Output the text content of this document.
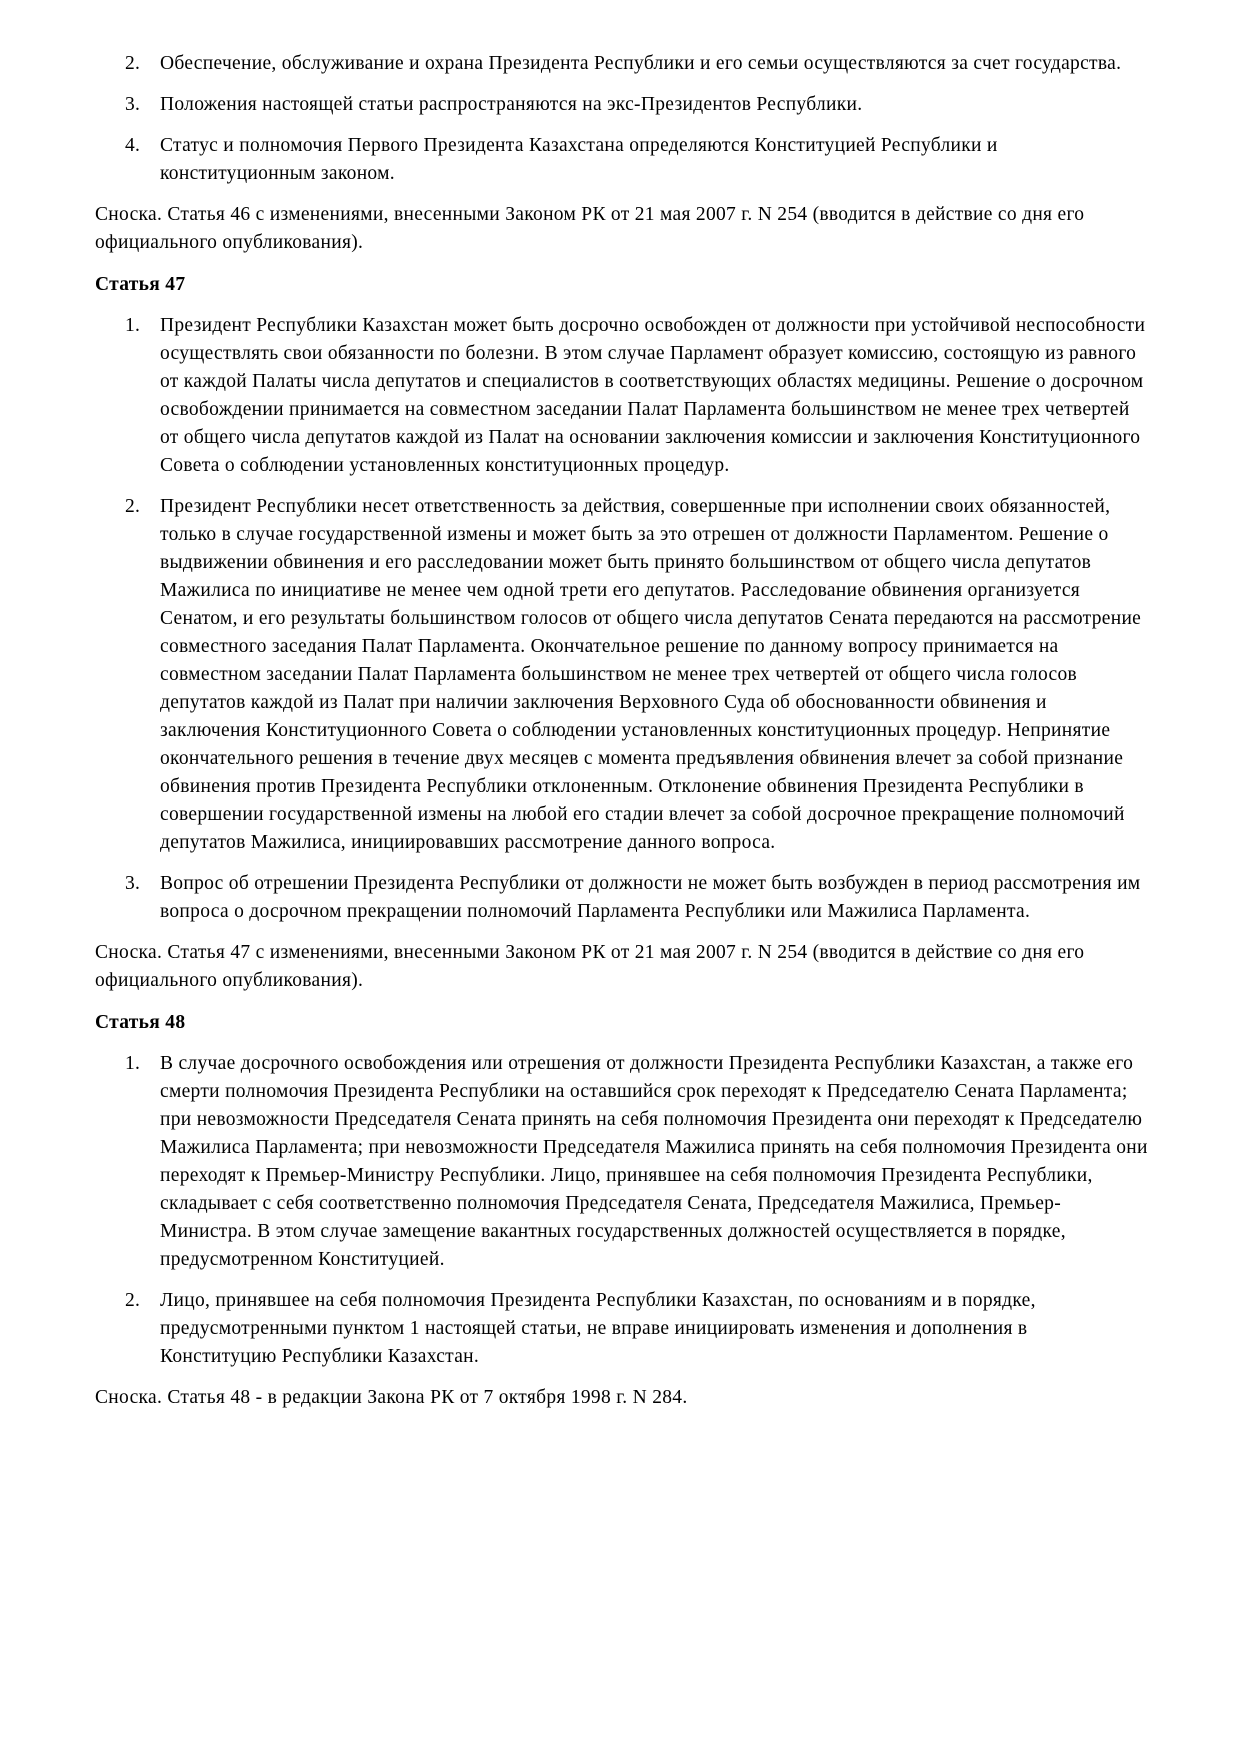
2. Обеспечение, обслуживание и охрана Президента Республики и его семьи осуществляются за счет государства.
3. Положения настоящей статьи распространяются на экс-Президентов Республики.
4. Статус и полномочия Первого Президента Казахстана определяются Конституцией Республики и конституционным законом.

Сноска. Статья 46 с изменениями, внесенными Законом РК от 21 мая 2007 г. N 254 (вводится в действие со дня его официального опубликования).

Статья 47
1. Президент Республики Казахстан может быть досрочно освобожден от должности при устойчивой неспособности осуществлять свои обязанности по болезни. В этом случае Парламент образует комиссию, состоящую из равного от каждой Палаты числа депутатов и специалистов в соответствующих областях медицины. Решение о досрочном освобождении принимается на совместном заседании Палат Парламента большинством не менее трех четвертей от общего числа депутатов каждой из Палат на основании заключения комиссии и заключения Конституционного Совета о соблюдении установленных конституционных процедур.
2. Президент Республики несет ответственность за действия, совершенные при исполнении своих обязанностей, только в случае государственной измены и может быть за это отрешен от должности Парламентом. Решение о выдвижении обвинения и его расследовании может быть принято большинством от общего числа депутатов Мажилиса по инициативе не менее чем одной трети его депутатов. Расследование обвинения организуется Сенатом, и его результаты большинством голосов от общего числа депутатов Сената передаются на рассмотрение совместного заседания Палат Парламента. Окончательное решение по данному вопросу принимается на совместном заседании Палат Парламента большинством не менее трех четвертей от общего числа голосов депутатов каждой из Палат при наличии заключения Верховного Суда об обоснованности обвинения и заключения Конституционного Совета о соблюдении установленных конституционных процедур. Непринятие окончательного решения в течение двух месяцев с момента предъявления обвинения влечет за собой признание обвинения против Президента Республики отклоненным. Отклонение обвинения Президента Республики в совершении государственной измены на любой его стадии влечет за собой досрочное прекращение полномочий депутатов Мажилиса, инициировавших рассмотрение данного вопроса.
3. Вопрос об отрешении Президента Республики от должности не может быть возбужден в период рассмотрения им вопроса о досрочном прекращении полномочий Парламента Республики или Мажилиса Парламента.

Сноска. Статья 47 с изменениями, внесенными Законом РК от 21 мая 2007 г. N 254 (вводится в действие со дня его официального опубликования).

Статья 48
1. В случае досрочного освобождения или отрешения от должности Президента Республики Казахстан, а также его смерти полномочия Президента Республики на оставшийся срок переходят к Председателю Сената Парламента; при невозможности Председателя Сената принять на себя полномочия Президента они переходят к Председателю Мажилиса Парламента; при невозможности Председателя Мажилиса принять на себя полномочия Президента они переходят к Премьер-Министру Республики. Лицо, принявшее на себя полномочия Президента Республики, складывает с себя соответственно полномочия Председателя Сената, Председателя Мажилиса, Премьер-Министра. В этом случае замещение вакантных государственных должностей осуществляется в порядке, предусмотренном Конституцией.
2. Лицо, принявшее на себя полномочия Президента Республики Казахстан, по основаниям и в порядке, предусмотренными пунктом 1 настоящей статьи, не вправе инициировать изменения и дополнения в Конституцию Республики Казахстан.

Сноска. Статья 48 - в редакции Закона РК от 7 октября 1998 г. N 284.
